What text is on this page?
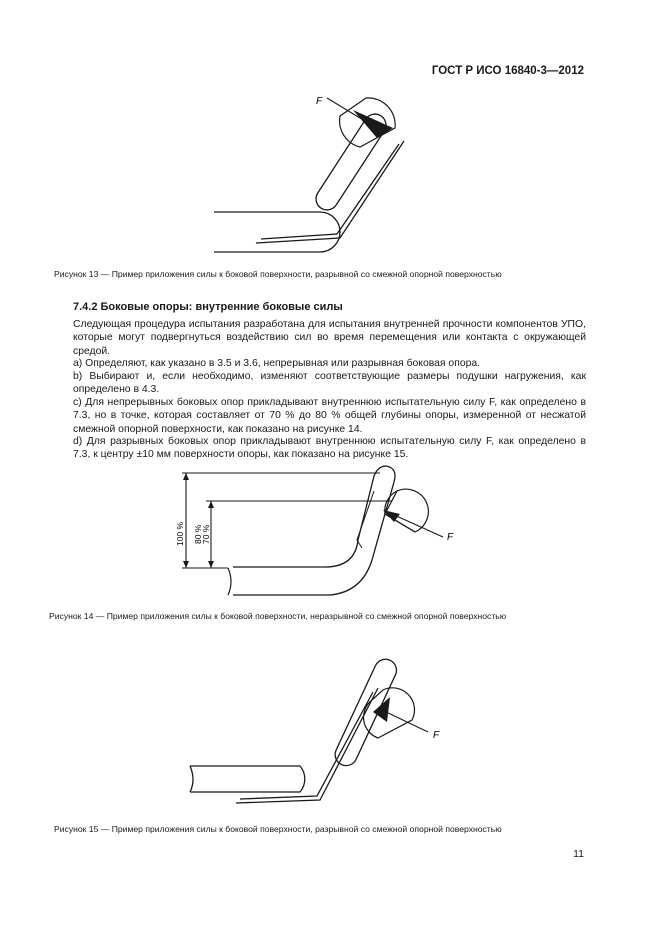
ГОСТ Р ИСО 16840-3—2012
F
Рисунок 13 — Пример приложения силы к боковой поверхности, разрывной со смежной опорной поверхностью
7.4.2 Боковые опоры: внутренние боковые силы
Следующая процедура испытания разработана для испытания внутренней прочности компонентов УПО, которые могут подвергнуться воздействию сил во время перемещения или контакта с окружающей средой.
a) Определяют, как указано в 3.5 и 3.6, непрерывная или разрывная боковая опора.
b) Выбирают и, если необходимо, изменяют соответствующие размеры подушки нагружения, как определено в 4.3.
c) Для непрерывных боковых опор прикладывают внутреннюю испытательную силу F, как определено в 7.3, но в точке, которая составляет от 70 % до 80 % общей глубины опоры, измеренной от несжатой смежной опорной поверхности, как показано на рисунке 14.
d) Для разрывных боковых опор прикладывают внутреннюю испытательную силу F, как определено в 7.3, к центру ±10 мм поверхности опоры, как показано на рисунке 15.
F
100 % 80 %
70 %
Рисунок 14 — Пример приложения силы к боковой поверхности, неразрывной со смежной опорной поверхностью
F
Рисунок 15 — Пример приложения силы к боковой поверхности, разрывной со смежной опорной поверхностью
11
